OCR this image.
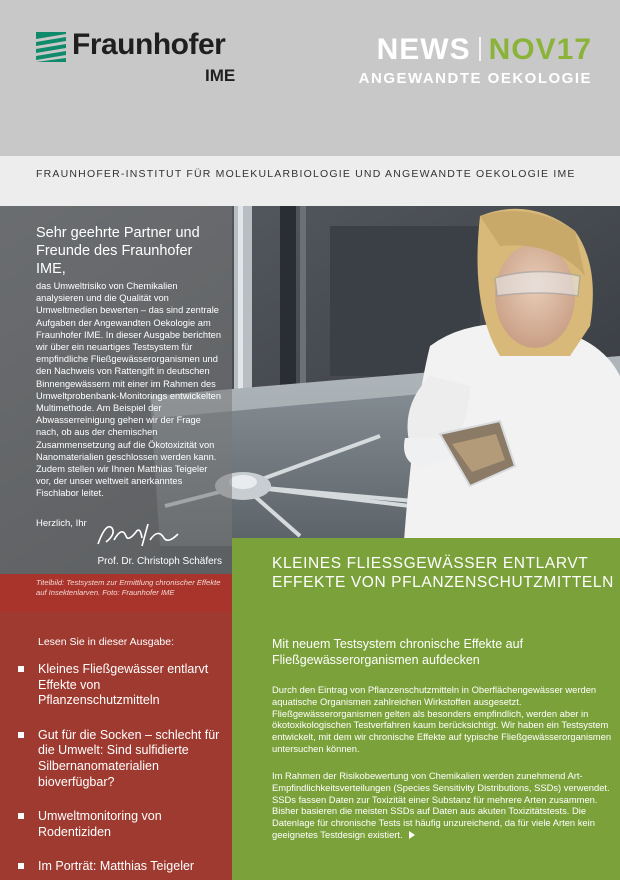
Fraunhofer
IME
NEWS NOV17
ANGEWANDTE OEKOLOGIE
FRAUNHOFER-INSTITUT FÜR MOLEKULARBIOLOGIE UND ANGEWANDTE OEKOLOGIE IME
Sehr geehrte Partner und Freunde des Fraunhofer IME,
das Umweltrisiko von Chemikalien analysieren und die Qualität von Umweltmedien bewerten – das sind zentrale Aufgaben der Angewandten Oekologie am Fraunhofer IME. In dieser Ausgabe berichten wir über ein neuartiges Testsystem für empfindliche Fließgewässerorganismen und den Nachweis von Rattengift in deutschen Binnengewässern mit einer im Rahmen des Umweltprobenbank-Monitorings entwickelten Multimethode. Am Beispiel der Abwasserreinigung gehen wir der Frage nach, ob aus der chemischen Zusammensetzung auf die Ökotoxizität von Nanomaterialien geschlossen werden kann. Zudem stellen wir Ihnen Matthias Teigeler vor, der unser weltweit anerkanntes Fischlabor leitet.
Herzlich, Ihr
Prof. Dr. Christoph Schäfers
Titelbild: Testsystem zur Ermittlung chronischer Effekte auf Insektenlarven. Foto: Fraunhofer IME
KLEINES FLIESSGEWÄSSER ENTLARVT EFFEKTE VON PFLANZENSCHUTZMITTELN
Lesen Sie in dieser Ausgabe:
Kleines Fließgewässer entlarvt Effekte von Pflanzenschutzmitteln
Gut für die Socken – schlecht für die Umwelt: Sind sulfidierte Silbernanomaterialien bioverfügbar?
Umweltmonitoring von Rodentiziden
Im Porträt: Matthias Teigeler
Mit neuem Testsystem chronische Effekte auf Fließgewässerorganismen aufdecken
Durch den Eintrag von Pflanzenschutzmitteln in Oberflächengewässer werden aquatische Organismen zahlreichen Wirkstoffen ausgesetzt. Fließgewässerorganismen gelten als besonders empfindlich, werden aber in ökotoxikologischen Testverfahren kaum berücksichtigt. Wir haben ein Testsystem entwickelt, mit dem wir chronische Effekte auf typische Fließgewässerorganismen untersuchen können.
Im Rahmen der Risikobewertung von Chemikalien werden zunehmend Art-Empfindlichkeitsverteilungen (Species Sensitivity Distributions, SSDs) verwendet. SSDs fassen Daten zur Toxizität einer Substanz für mehrere Arten zusammen. Bisher basieren die meisten SSDs auf Daten aus akuten Toxizitätstests. Die Datenlage für chronische Tests ist häufig unzureichend, da für viele Arten kein geeignetes Testdesign existiert.
